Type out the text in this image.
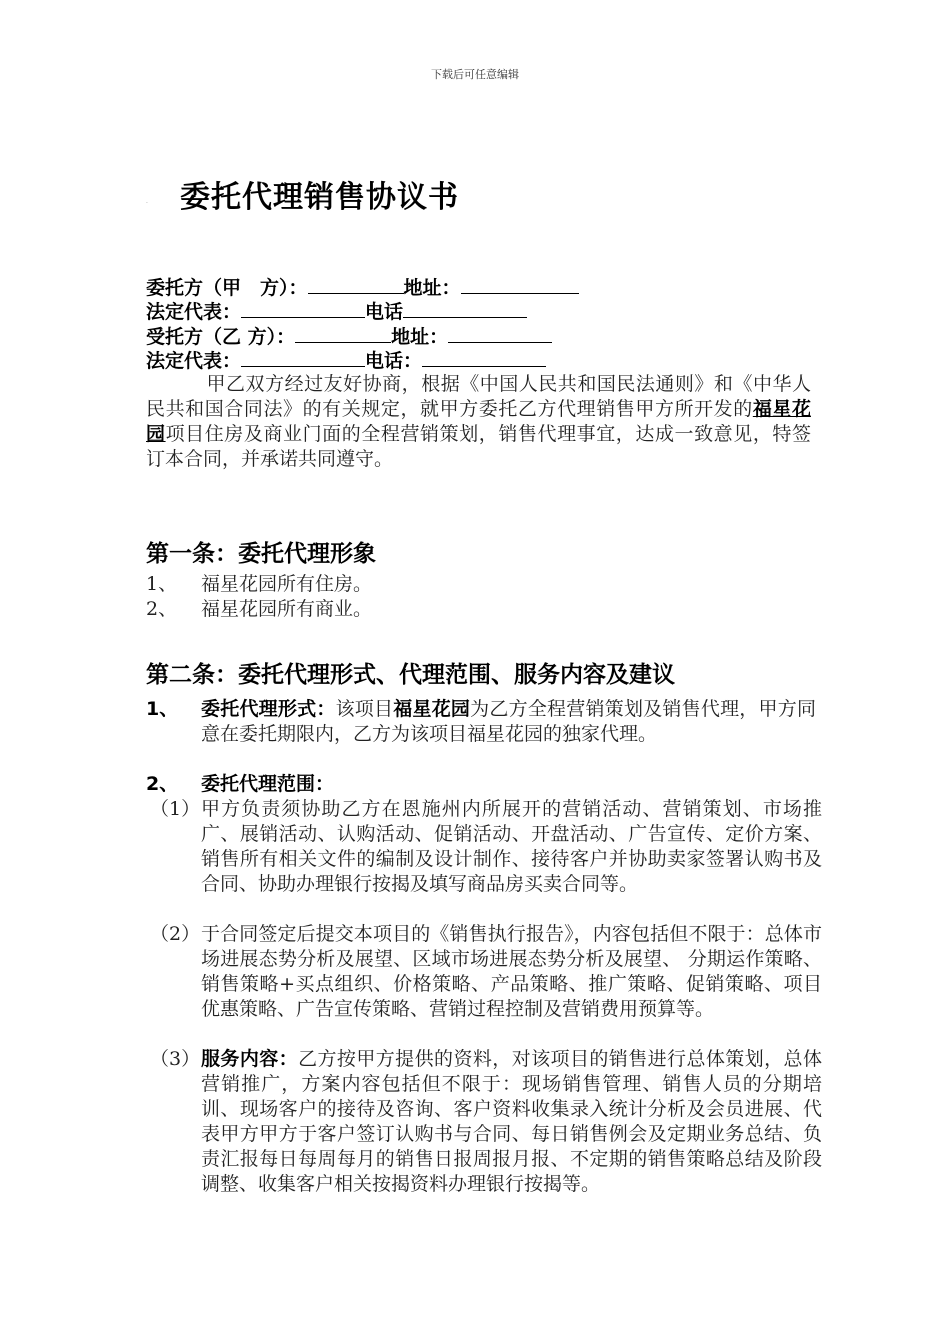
下载后可任意编辑
· 委托代理销售协议书
委托方（甲　方）：	地址：
法定代表：	电话
受托方（乙 方）：	地址：
法定代表：	电话：
甲乙双方经过友好协商，根据《中国人民共和国民法通则》和《中华人民共和国合同法》的有关规定，就甲方委托乙方代理销售甲方所开发的福星花园项目住房及商业门面的全程营销策划，销售代理事宜，达成一致意见，特签订本合同，并承诺共同遵守。
第一条：委托代理形象
1、 福星花园所有住房。
2、 福星花园所有商业。
第二条：委托代理形式、代理范围、服务内容及建议
1、 委托代理形式：该项目福星花园为乙方全程营销策划及销售代理，甲方同意在委托期限内，乙方为该项目福星花园的独家代理。
2、 委托代理范围：
（1） 甲方负责须协助乙方在恩施州内所展开的营销活动、营销策划、市场推广、展销活动、认购活动、促销活动、开盘活动、广告宣传、定价方案、销售所有相关文件的编制及设计制作、接待客户并协助卖家签署认购书及合同、协助办理银行按揭及填写商品房买卖合同等。
（2） 于合同签定后提交本项目的《销售执行报告》，内容包括但不限于：总体市场进展态势分析及展望、区域市场进展态势分析及展望、 分期运作策略、销售策略+买点组织、价格策略、产品策略、推广策略、促销策略、项目优惠策略、广告宣传策略、营销过程控制及营销费用预算等。
（3） 服务内容：乙方按甲方提供的资料，对该项目的销售进行总体策划，总体营销推广，方案内容包括但不限于：现场销售管理、销售人员的分期培训、现场客户的接待及咨询、客户资料收集录入统计分析及会员进展、代表甲方甲方于客户签订认购书与合同、每日销售例会及定期业务总结、负责汇报每日每周每月的销售日报周报月报、不定期的销售策略总结及阶段调整、收集客户相关按揭资料办理银行按揭等。
